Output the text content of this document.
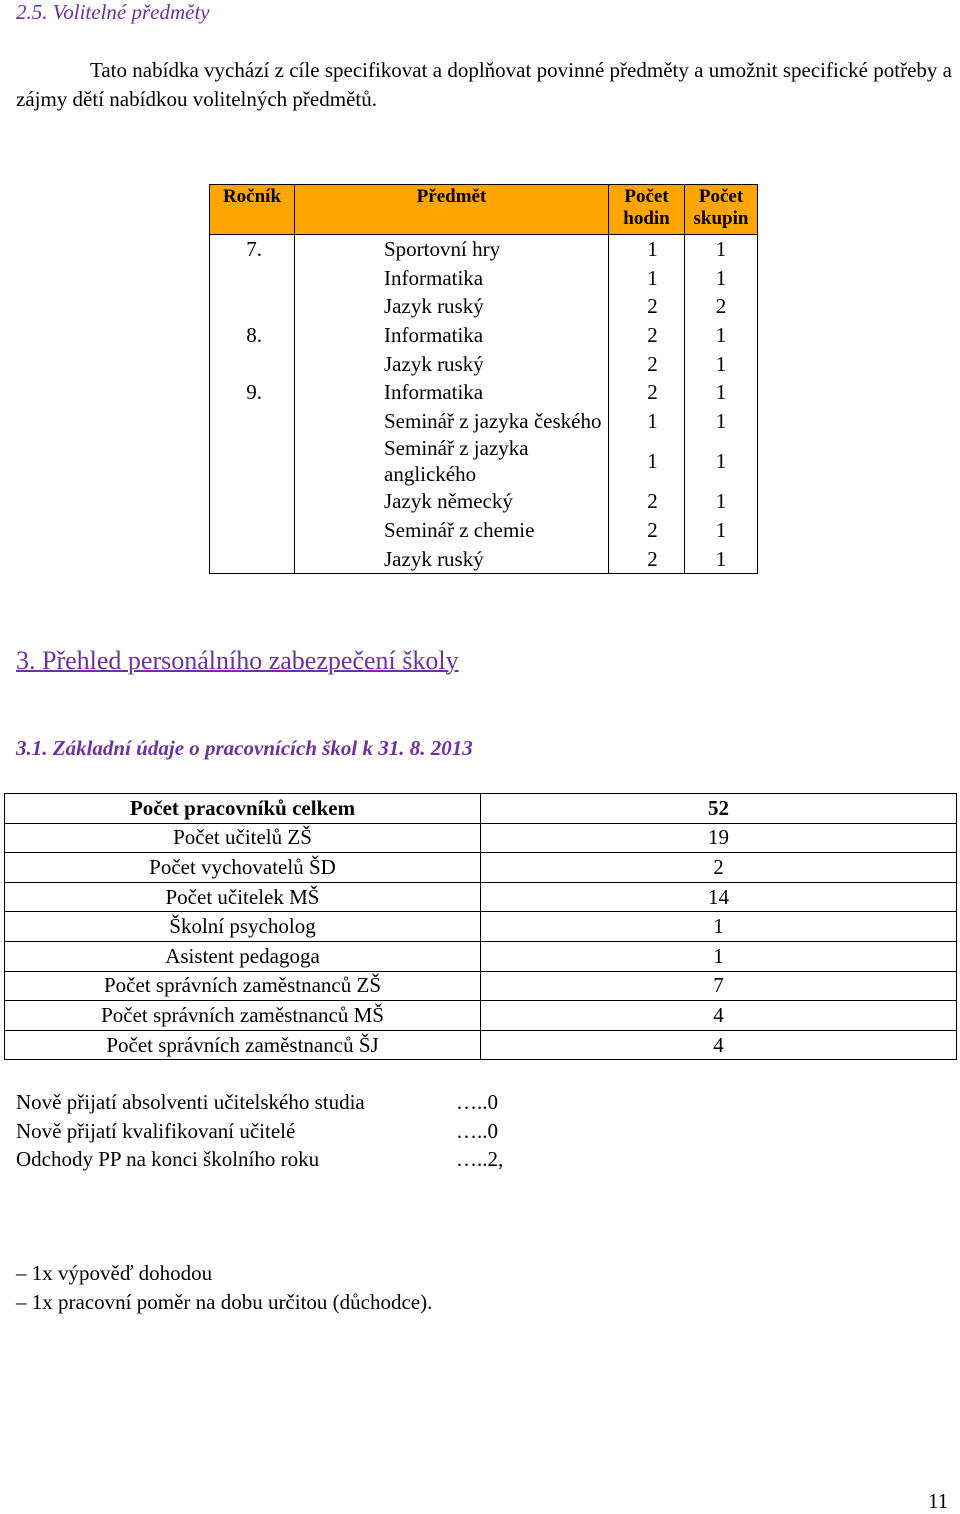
2.5. Volitelné předměty
Tato nabídka vychází z cíle specifikovat a doplňovat povinné předměty a umožnit specifické potřeby a zájmy dětí nabídkou volitelných předmětů.
Ročník	Předmět	Počet hodin	Počet skupin
7.	Sportovní hry	1	1
	Informatika	1	1
	Jazyk ruský	2	2
8.	Informatika	2	1
	Jazyk ruský	2	1
9.	Informatika	2	1
	Seminář z jazyka českého	1	1
	Seminář z jazyka anglického	1	1
	Jazyk německý	2	1
	Seminář z chemie	2	1
	Jazyk ruský	2	1
3. Přehled personálního zabezpečení školy
3.1. Základní údaje o pracovnících škol k 31. 8. 2013
Počet pracovníků celkem	52
Počet učitelů ZŠ	19
Počet vychovatelů ŠD	2
Počet učitelek MŠ	14
Školní psycholog	1
Asistent pedagoga	1
Počet správních zaměstnanců ZŠ	7
Počet správních zaměstnanců MŠ	4
Počet správních zaměstnanců ŠJ	4
Nově přijatí absolventi učitelského studia	…..0
Nově přijatí kvalifikovaní učitelé	…..0
Odchody PP na konci školního roku	…..2,
– 1x výpověď dohodou
– 1x pracovní poměr na dobu určitou (důchodce).
11
